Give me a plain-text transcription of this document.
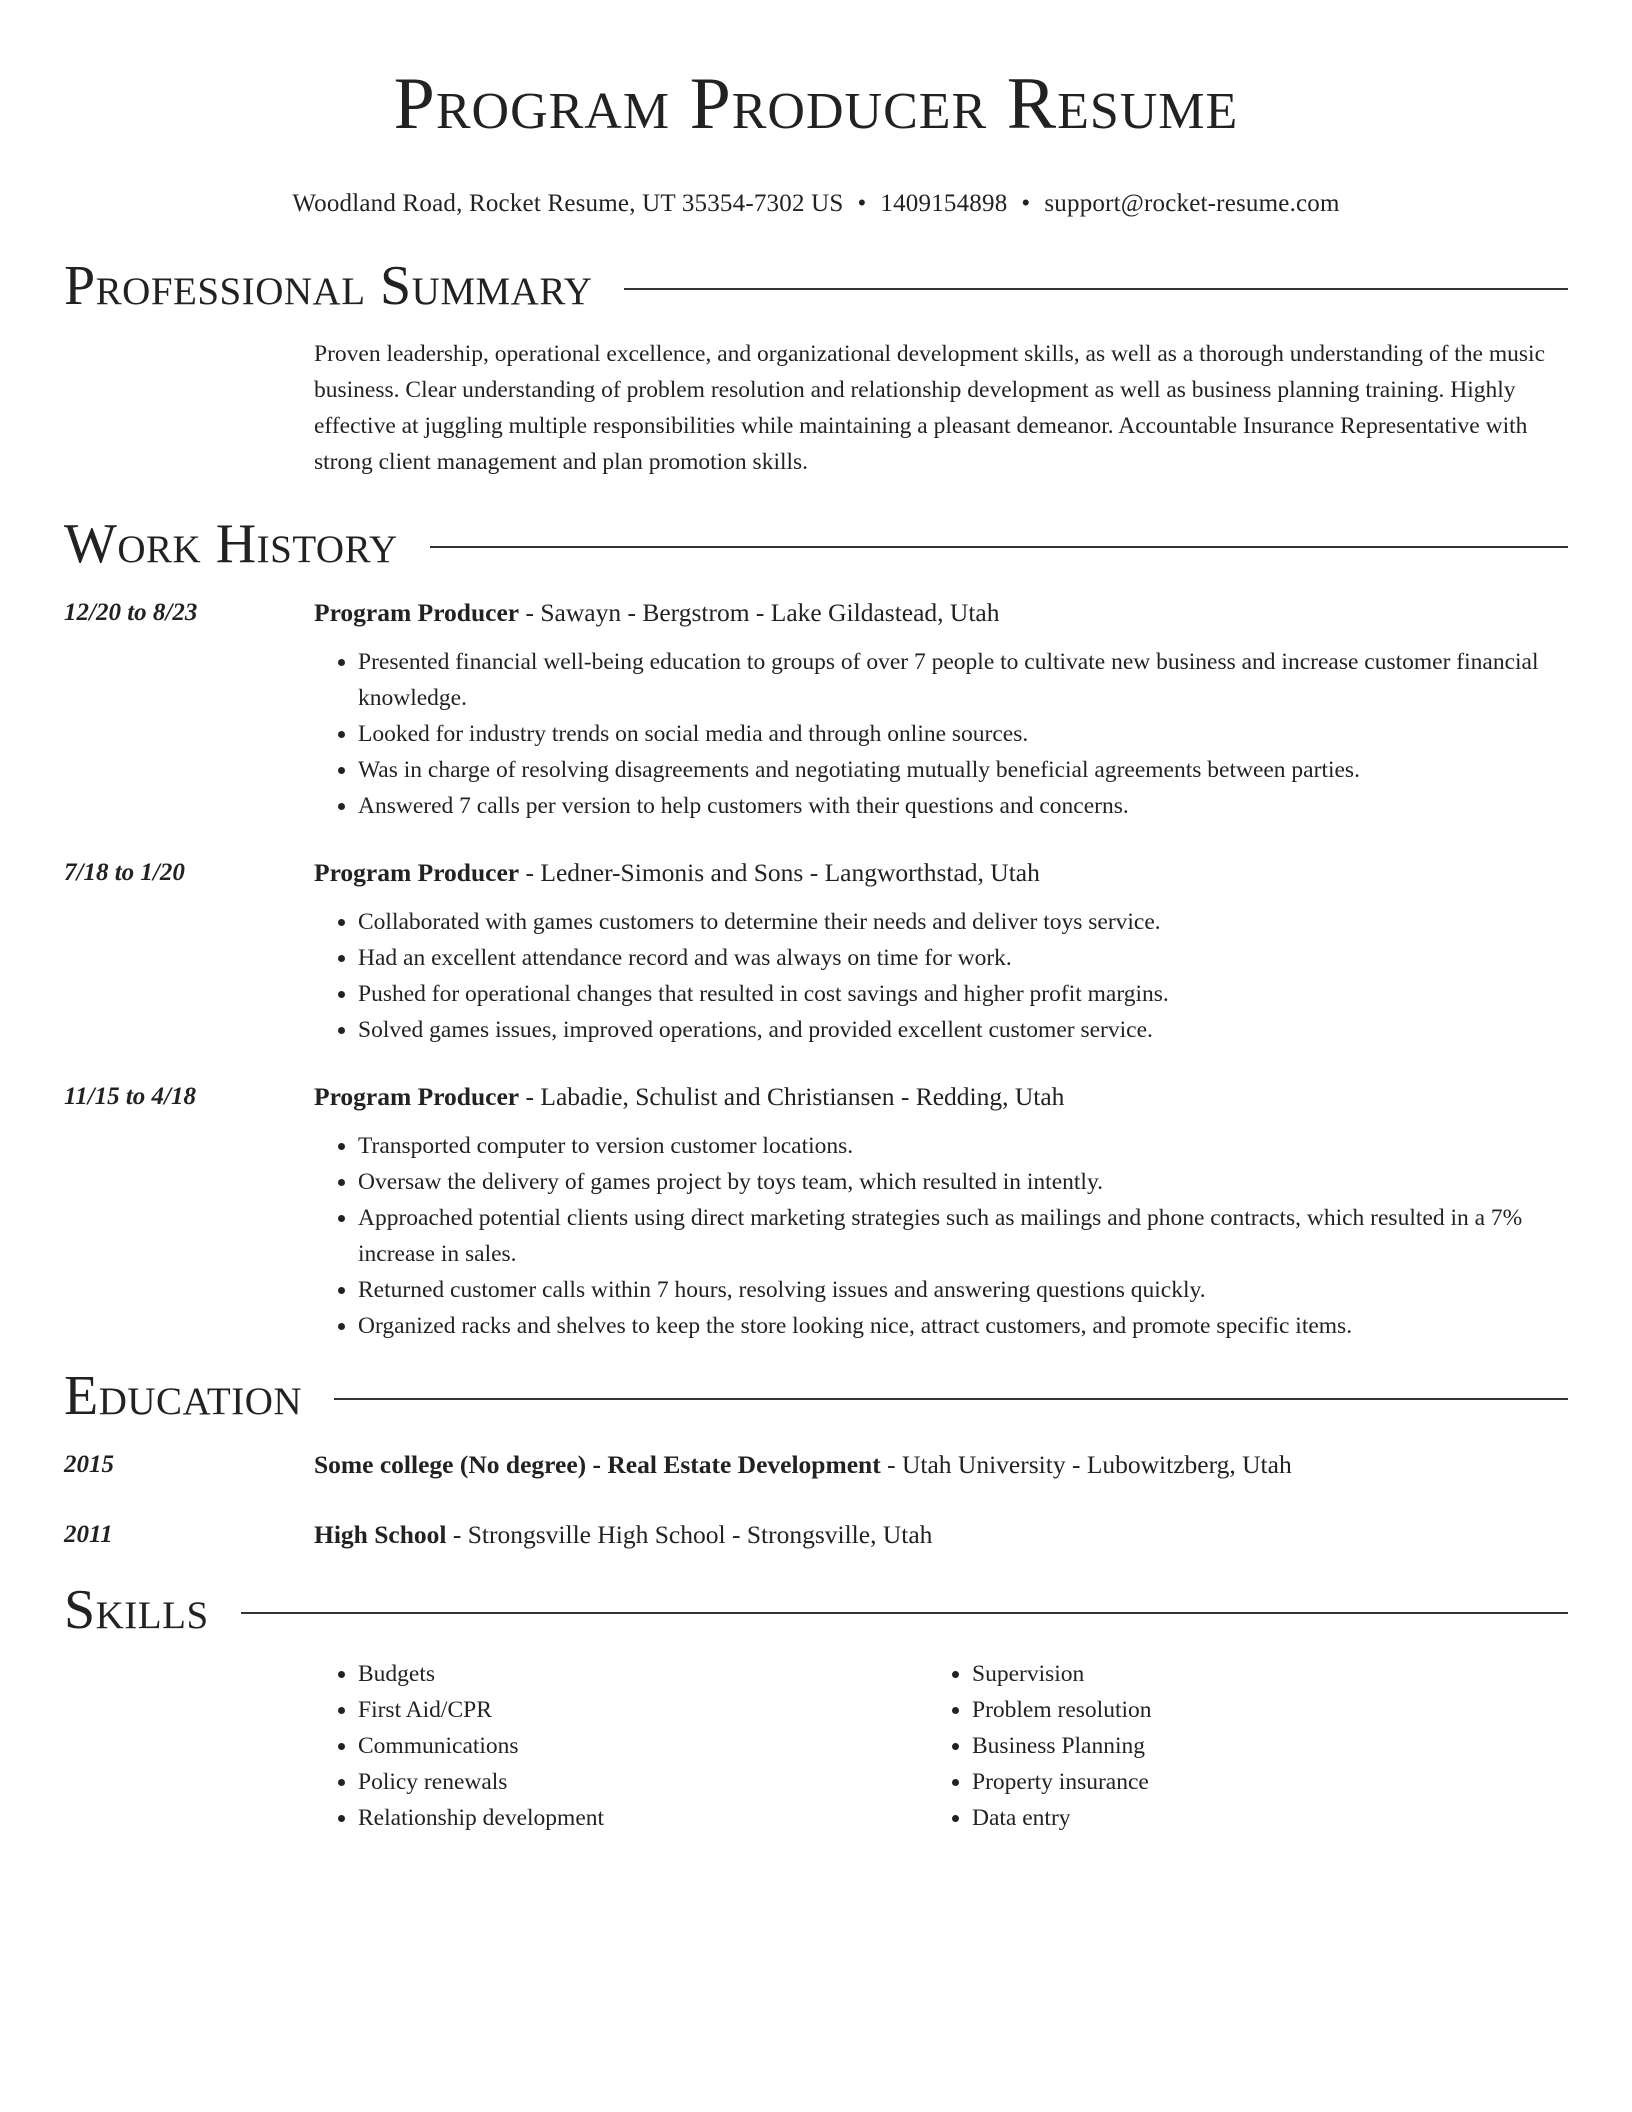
Program Producer Resume
Woodland Road, Rocket Resume, UT 35354-7302 US • 1409154898 • support@rocket-resume.com
Professional Summary
Proven leadership, operational excellence, and organizational development skills, as well as a thorough understanding of the music business. Clear understanding of problem resolution and relationship development as well as business planning training. Highly effective at juggling multiple responsibilities while maintaining a pleasant demeanor. Accountable Insurance Representative with strong client management and plan promotion skills.
Work History
12/20 to 8/23	Program Producer - Sawayn - Bergstrom - Lake Gildastead, Utah
• Presented financial well-being education to groups of over 7 people to cultivate new business and increase customer financial knowledge.
• Looked for industry trends on social media and through online sources.
• Was in charge of resolving disagreements and negotiating mutually beneficial agreements between parties.
• Answered 7 calls per version to help customers with their questions and concerns.
7/18 to 1/20	Program Producer - Ledner-Simonis and Sons - Langworthstad, Utah
• Collaborated with games customers to determine their needs and deliver toys service.
• Had an excellent attendance record and was always on time for work.
• Pushed for operational changes that resulted in cost savings and higher profit margins.
• Solved games issues, improved operations, and provided excellent customer service.
11/15 to 4/18	Program Producer - Labadie, Schulist and Christiansen - Redding, Utah
• Transported computer to version customer locations.
• Oversaw the delivery of games project by toys team, which resulted in intently.
• Approached potential clients using direct marketing strategies such as mailings and phone contracts, which resulted in a 7% increase in sales.
• Returned customer calls within 7 hours, resolving issues and answering questions quickly.
• Organized racks and shelves to keep the store looking nice, attract customers, and promote specific items.
Education
2015	Some college (No degree) - Real Estate Development - Utah University - Lubowitzberg, Utah
2011	High School - Strongsville High School - Strongsville, Utah
Skills
• Budgets
• First Aid/CPR
• Communications
• Policy renewals
• Relationship development
• Supervision
• Problem resolution
• Business Planning
• Property insurance
• Data entry
